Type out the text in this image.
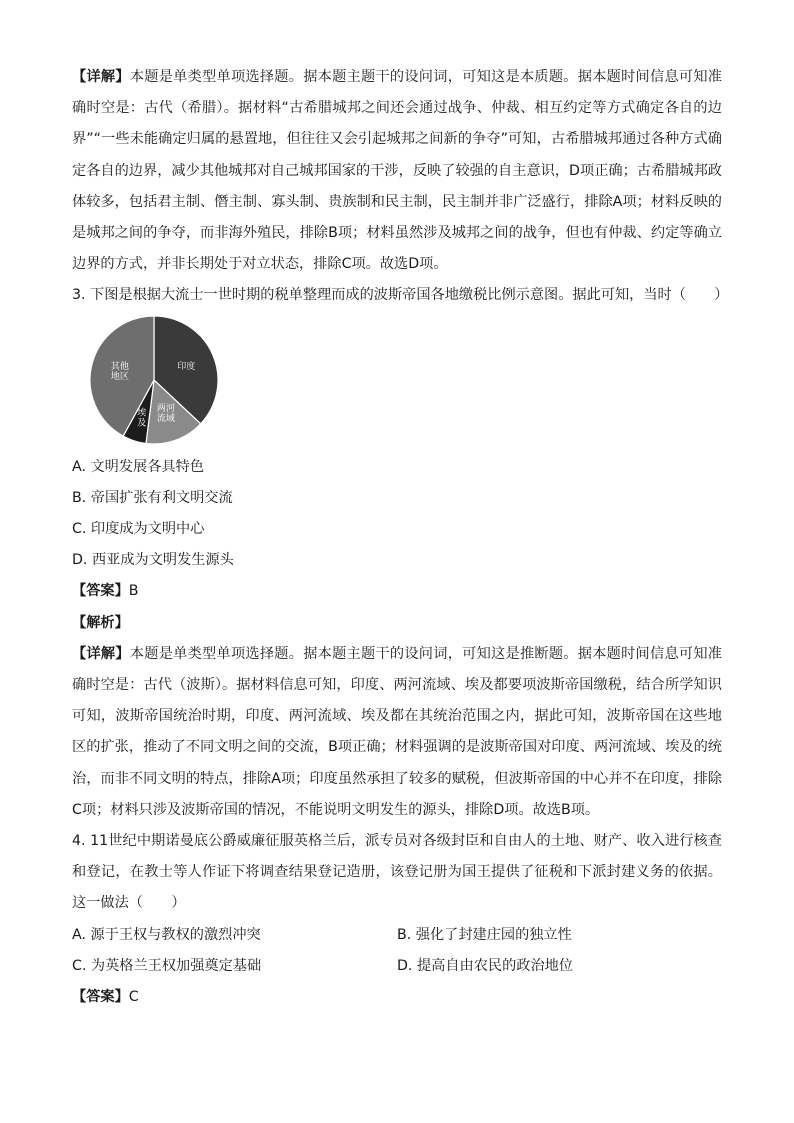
【详解】本题是单类型单项选择题。据本题主题干的设问词，可知这是本质题。据本题时间信息可知准确时空是：古代（希腊）。据材料“古希腊城邦之间还会通过战争、仲裁、相互约定等方式确定各自的边界”“一些未能确定归属的悬置地，但往往又会引起城邦之间新的争夺”可知，古希腊城邦通过各种方式确定各自的边界，减少其他城邦对自己城邦国家的干涉，反映了较强的自主意识，D项正确；古希腊城邦政体较多，包括君主制、僭主制、寡头制、贵族制和民主制，民主制并非广泛盛行，排除A项；材料反映的是城邦之间的争夺，而非海外殖民，排除B项；材料虽然涉及城邦之间的战争，但也有仲裁、约定等确立边界的方式，并非长期处于对立状态，排除C项。故选D项。

3. 下图是根据大流士一世时期的税单整理而成的波斯帝国各地缴税比例示意图。据此可知，当时（　　）

印度
两河流域
埃及
其他地区

A. 文明发展各具特色

B. 帝国扩张有利文明交流

C. 印度成为文明中心

D. 西亚成为文明发生源头

【答案】B

【解析】

【详解】本题是单类型单项选择题。据本题主题干的设问词，可知这是推断题。据本题时间信息可知准确时空是：古代（波斯）。据材料信息可知，印度、两河流域、埃及都要项波斯帝国缴税，结合所学知识可知，波斯帝国统治时期，印度、两河流域、埃及都在其统治范围之内，据此可知，波斯帝国在这些地区的扩张，推动了不同文明之间的交流，B项正确；材料强调的是波斯帝国对印度、两河流域、埃及的统治，而非不同文明的特点，排除A项；印度虽然承担了较多的赋税，但波斯帝国的中心并不在印度，排除C项；材料只涉及波斯帝国的情况，不能说明文明发生的源头，排除D项。故选B项。

4. 11世纪中期诺曼底公爵威廉征服英格兰后，派专员对各级封臣和自由人的土地、财产、收入进行核查和登记，在教士等人作证下将调查结果登记造册，该登记册为国王提供了征税和下派封建义务的依据。这一做法（　　）

A. 源于王权与教权的激烈冲突	B. 强化了封建庄园的独立性

C. 为英格兰王权加强奠定基础	D. 提高自由农民的政治地位

【答案】C
